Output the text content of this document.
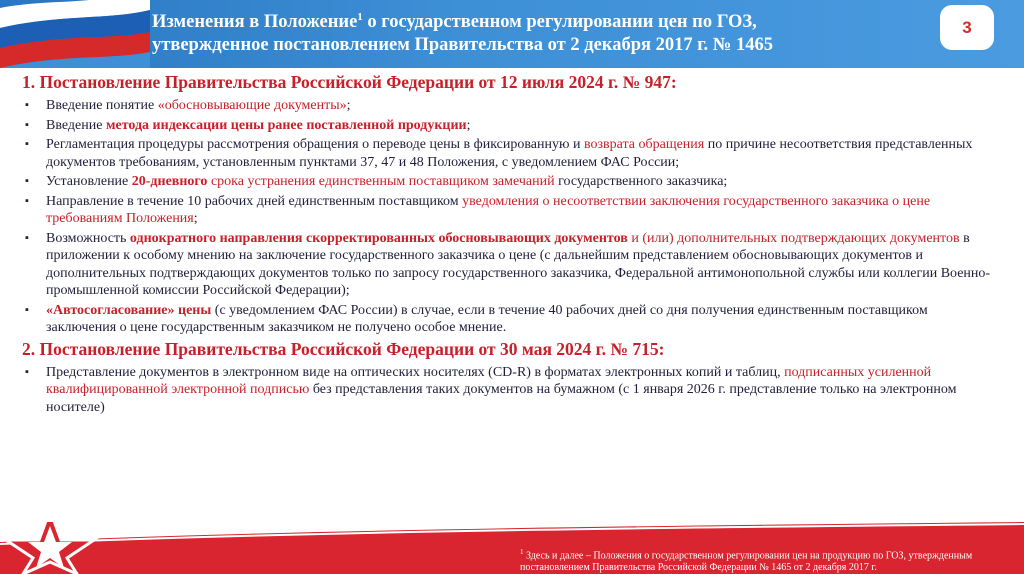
Изменения в Положение$^1$ о государственном регулировании цен по ГОЗ,
утвержденное постановлением Правительства от 2 декабря 2017 г. № 1465
3
1. Постановление Правительства Российской Федерации от 12 июля 2024 г. № 947:
▪ Введение понятие «обосновывающие документы»;
▪ Введение метода индексации цены ранее поставленной продукции;
▪ Регламентация процедуры рассмотрения обращения о переводе цены в фиксированную и возврата обращения по причине несоответствия представленных документов требованиям, установленным пунктами 37, 47 и 48 Положения, с уведомлением ФАС России;
▪ Установление 20-дневного срока устранения единственным поставщиком замечаний государственного заказчика;
▪ Направление в течение 10 рабочих дней единственным поставщиком уведомления о несоответствии заключения государственного заказчика о цене требованиям Положения;
▪ Возможность однократного направления скорректированных обосновывающих документов и (или) дополнительных подтверждающих документов в приложении к особому мнению на заключение государственного заказчика о цене (с дальнейшим представлением обосновывающих документов и дополнительных подтверждающих документов только по запросу государственного заказчика, Федеральной антимонопольной службы или коллегии Военно-промышленной комиссии Российской Федерации);
▪ «Автосогласование» цены (с уведомлением ФАС России) в случае, если в течение 40 рабочих дней со дня получения единственным поставщиком заключения о цене государственным заказчиком не получено особое мнение.
2. Постановление Правительства Российской Федерации от 30 мая 2024 г. № 715:
▪ Представление документов в электронном виде на оптических носителях (CD-R) в форматах электронных копий и таблиц, подписанных усиленной квалифицированной электронной подписью без представления таких документов на бумажном (с 1 января 2026 г. представление только на электронном носителе)
$^1$ Здесь и далее – Положения о государственном регулировании цен на продукцию по ГОЗ, утвержденным постановлением Правительства Российской Федерации № 1465 от 2 декабря 2017 г.
